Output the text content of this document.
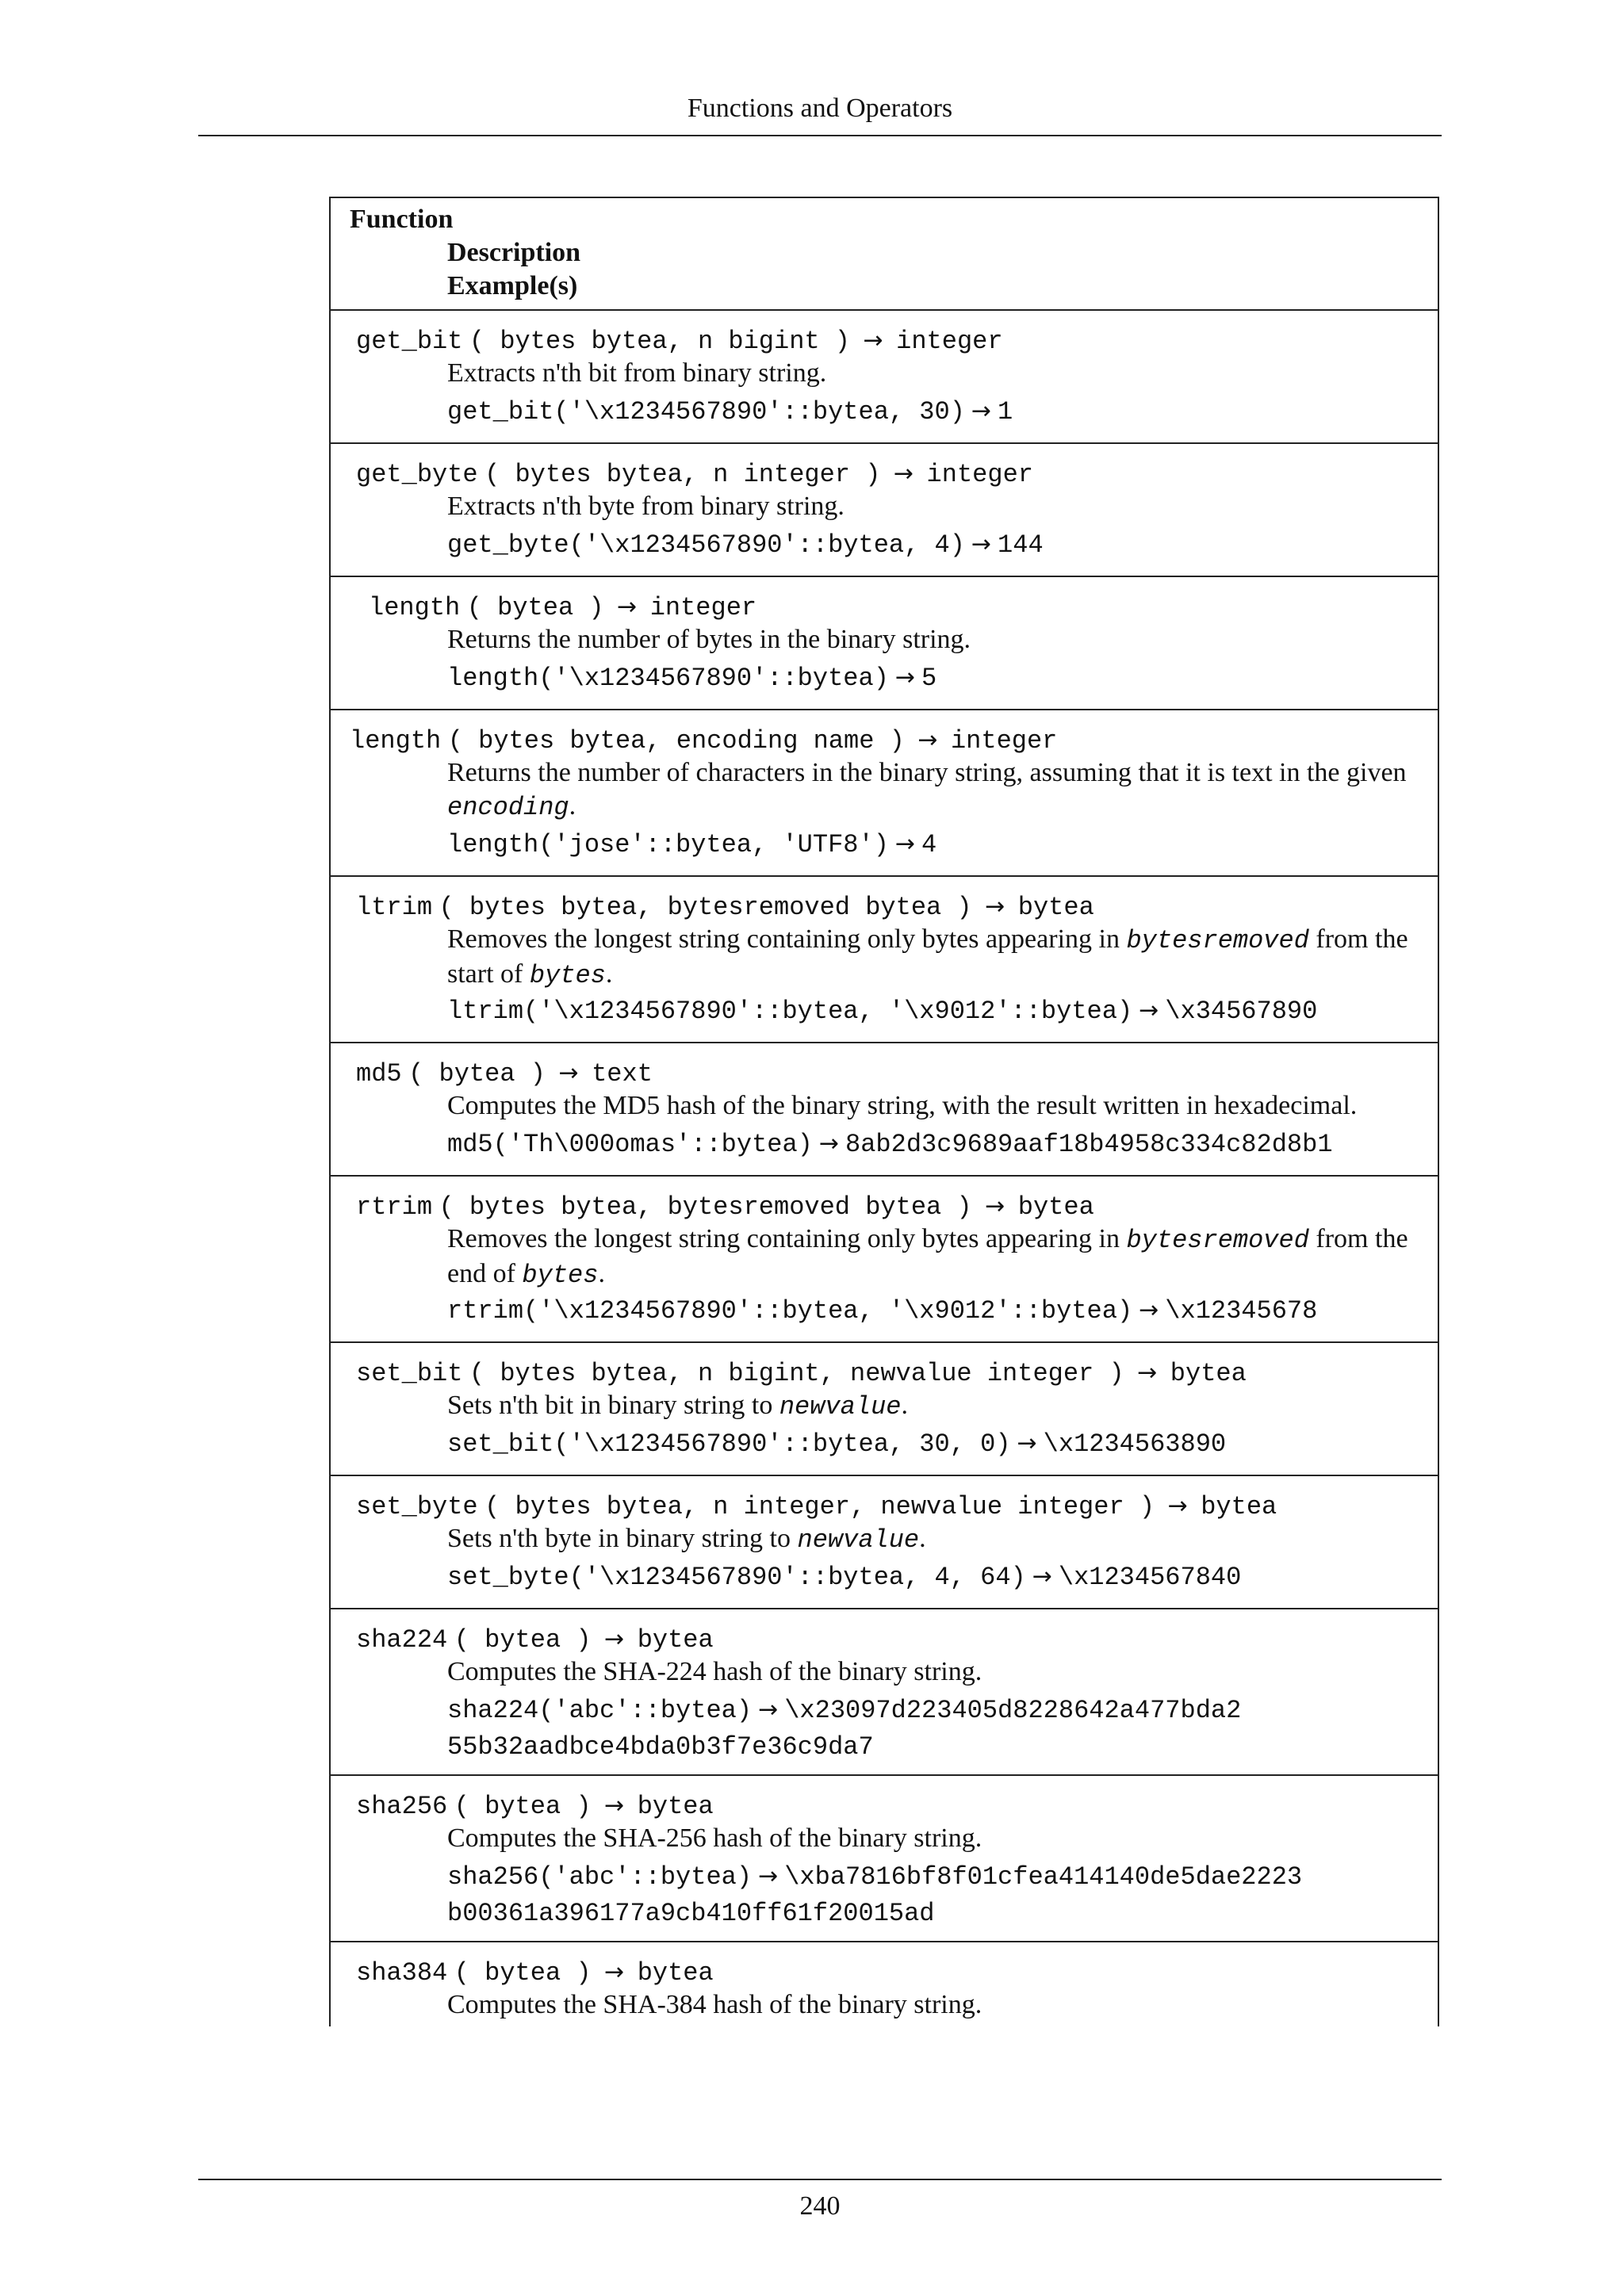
Functions and Operators
Function
Description
Example(s)
get_bit ( bytes bytea, n bigint ) → integer
Extracts n'th bit from binary string.
get_bit('\x1234567890'::bytea, 30) → 1
get_byte ( bytes bytea, n integer ) → integer
Extracts n'th byte from binary string.
get_byte('\x1234567890'::bytea, 4) → 144
length ( bytea ) → integer
Returns the number of bytes in the binary string.
length('\x1234567890'::bytea) → 5
length ( bytes bytea, encoding name ) → integer
Returns the number of characters in the binary string, assuming that it is text in the given
encoding.
length('jose'::bytea, 'UTF8') → 4
ltrim ( bytes bytea, bytesremoved bytea ) → bytea
Removes the longest string containing only bytes appearing in bytesremoved from the start of bytes.
ltrim('\x1234567890'::bytea, '\x9012'::bytea) → \x34567890
md5 ( bytea ) → text
Computes the MD5 hash of the binary string, with the result written in hexadecimal.
md5('Th\000omas'::bytea) → 8ab2d3c9689aaf18b4958c334c82d8b1
rtrim ( bytes bytea, bytesremoved bytea ) → bytea
Removes the longest string containing only bytes appearing in bytesremoved from the end of bytes.
rtrim('\x1234567890'::bytea, '\x9012'::bytea) → \x12345678
set_bit ( bytes bytea, n bigint, newvalue integer ) → bytea
Sets n'th bit in binary string to newvalue.
set_bit('\x1234567890'::bytea, 30, 0) → \x1234563890
set_byte ( bytes bytea, n integer, newvalue integer ) → bytea
Sets n'th byte in binary string to newvalue.
set_byte('\x1234567890'::bytea, 4, 64) → \x1234567840
sha224 ( bytea ) → bytea
Computes the SHA-224 hash of the binary string.
sha224('abc'::bytea) → \x23097d223405d8228642a477bda2
55b32aadbce4bda0b3f7e36c9da7
sha256 ( bytea ) → bytea
Computes the SHA-256 hash of the binary string.
sha256('abc'::bytea) → \xba7816bf8f01cfea414140de5dae2223
b00361a396177a9cb410ff61f20015ad
sha384 ( bytea ) → bytea
Computes the SHA-384 hash of the binary string.
240
